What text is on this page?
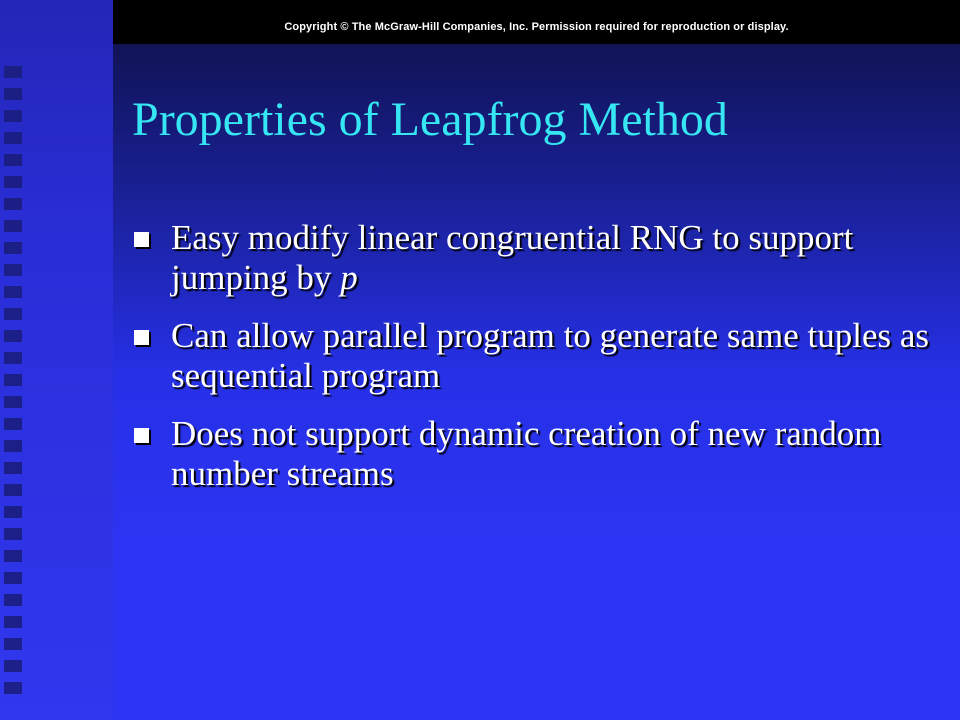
Copyright © The McGraw-Hill Companies, Inc. Permission required for reproduction or display.
Properties of Leapfrog Method
Easy modify linear congruential RNG to support jumping by p
Can allow parallel program to generate same tuples as sequential program
Does not support dynamic creation of new random number streams
